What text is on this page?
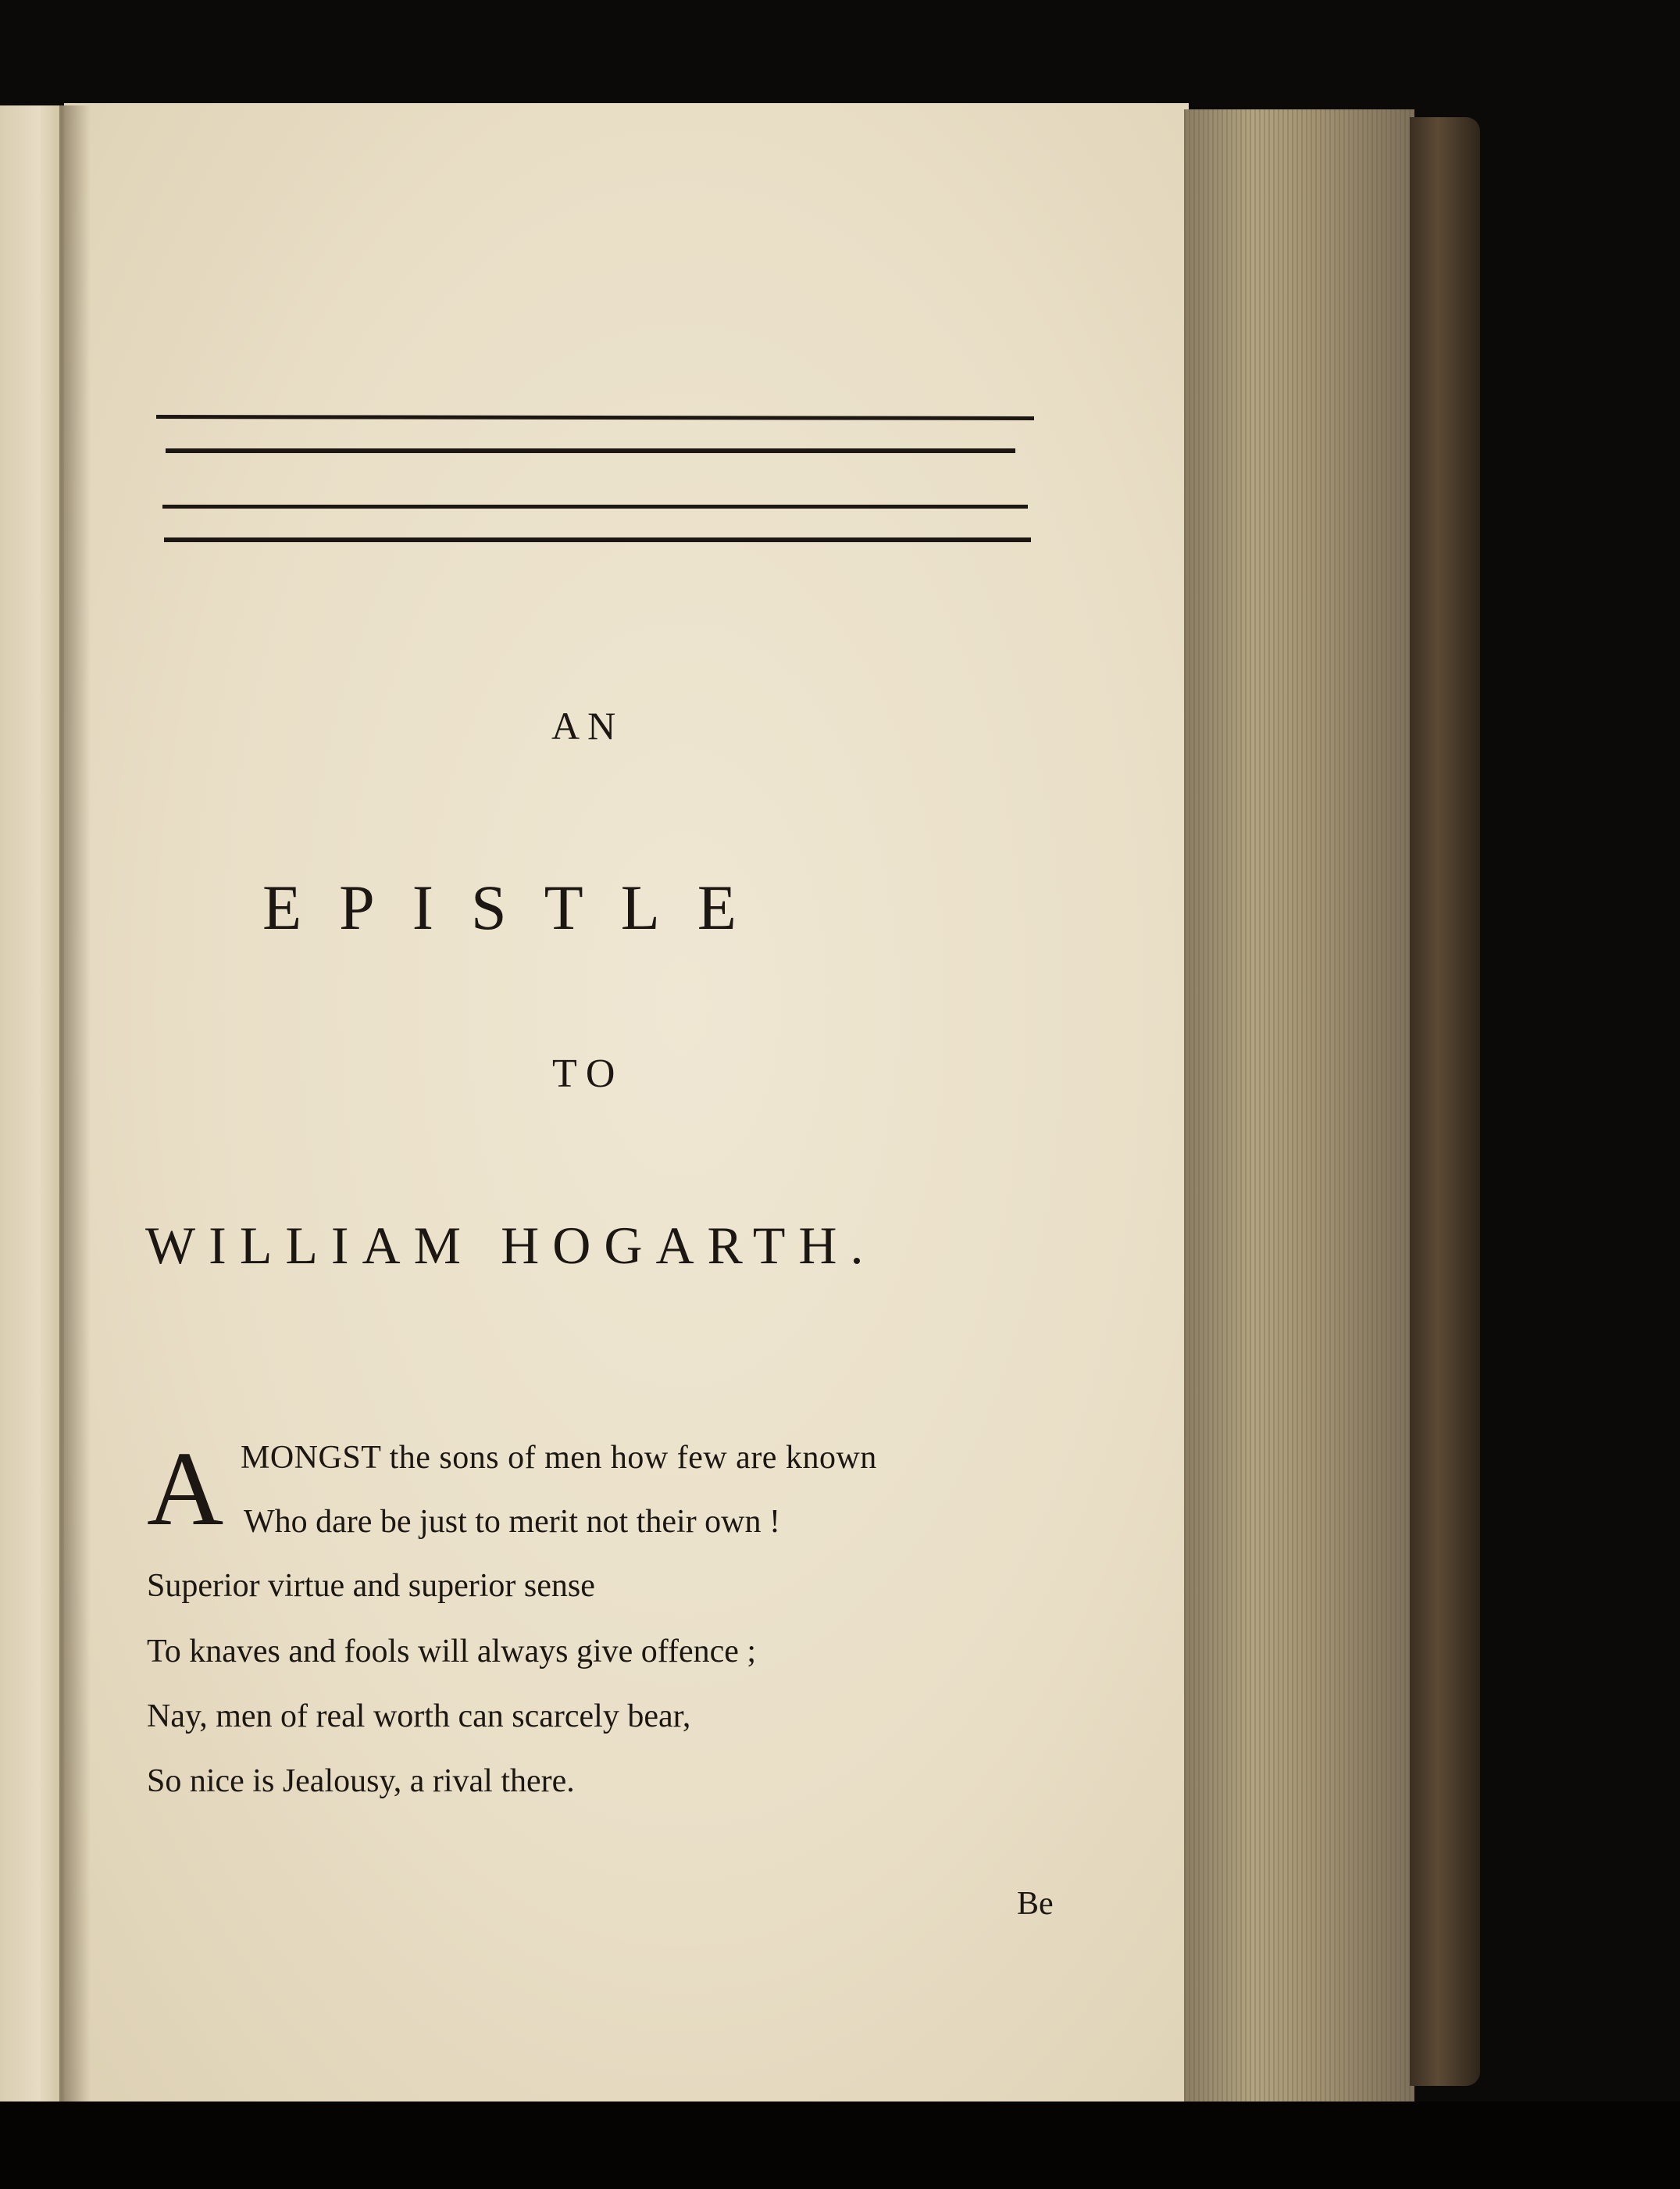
AN
EPISTLE
TO
WILLIAM HOGARTH.
A MONGST the sons of men how few are known
Who dare be just to merit not their own !
Superior virtue and superior sense
To knaves and fools will always give offence ;
Nay, men of real worth can scarcely bear,
So nice is Jealousy, a rival there.
Be
